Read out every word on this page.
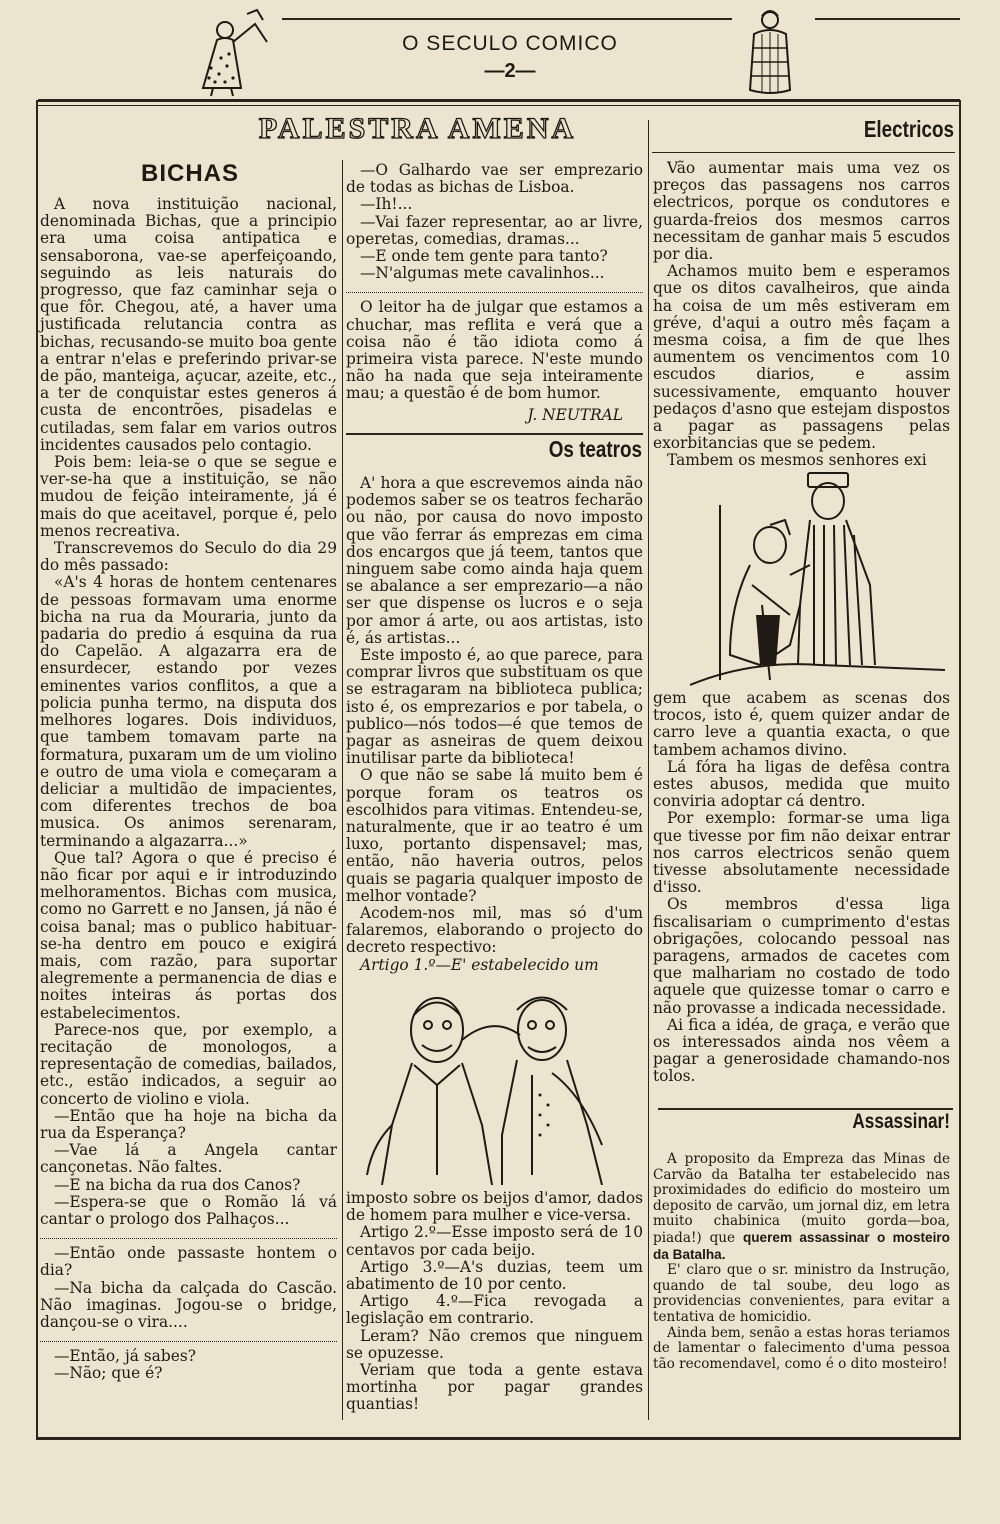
O SECULO COMICO
—2—
PALESTRA AMENA
BICHAS

A nova instituição nacional, denominada Bichas, que a principio era uma coisa antipatica e sensaborona, vae-se aperfeiçoando, seguindo as leis naturais do progresso, que faz caminhar seja o que fôr. Chegou, até, a haver uma justificada relutancia contra as bichas, recusando-se muito boa gente a entrar n'elas e preferindo privar-se de pão, manteiga, açucar, azeite, etc., a ter de conquistar estes generos á custa de encontrões, pisadelas e cutiladas, sem falar em varios outros incidentes causados pelo contagio.

Pois bem: leia-se o que se segue e ver-se-ha que a instituição, se não mudou de feição inteiramente, já é mais do que aceitavel, porque é, pelo menos recreativa.

Transcrevemos do Seculo do dia 29 do mês passado:

«A's 4 horas de hontem centenares de pessoas formavam uma enorme bicha na rua da Mouraria, junto da padaria do predio á esquina da rua do Capelão. A algazarra era de ensurdecer, estando por vezes eminentes varios conflitos, a que a policia punha termo, na disputa dos melhores logares. Dois individuos, que tambem tomavam parte na formatura, puxaram um de um violino e outro de uma viola e começaram a deliciar a multidão de impacientes, com diferentes trechos de boa musica. Os animos serenaram, terminando a algazarra...»

Que tal? Agora o que é preciso é não ficar por aqui e ir introduzindo melhoramentos. Bichas com musica, como no Garrett e no Jansen, já não é coisa banal; mas o publico habituar-se-ha dentro em pouco e exigirá mais, com razão, para suportar alegremente a permanencia de dias e noites inteiras ás portas dos estabelecimentos.

Parece-nos que, por exemplo, a recitação de monologos, a representação de comedias, bailados, etc., estão indicados, a seguir ao concerto de violino e viola.

—Então que ha hoje na bicha da rua da Esperança?

—Vae lá a Angela cantar cançonetas. Não faltes.

—E na bicha da rua dos Canos?

—Espera-se que o Romão lá vá cantar o prologo dos Palhaços...

—Então onde passaste hontem o dia?

—Na bicha da calçada do Cascão. Não imaginas. Jogou-se o bridge, dançou-se o vira....

—Então, já sabes?

—Não; que é?

—O Galhardo vae ser emprezario de todas as bichas de Lisboa.

—Ih!...

—Vai fazer representar, ao ar livre, operetas, comedias, dramas...

—E onde tem gente para tanto?

—N'algumas mete cavalinhos...

O leitor ha de julgar que estamos a chuchar, mas reflita e verá que a coisa não é tão idiota como á primeira vista parece. N'este mundo não ha nada que seja inteiramente mau; a questão é de bom humor.

J. NEUTRAL
Os teatros

A' hora a que escrevemos ainda não podemos saber se os teatros fecharão ou não, por causa do novo imposto que vão ferrar ás emprezas em cima dos encargos que já teem, tantos que ninguem sabe como ainda haja quem se abalance a ser emprezario—a não ser que dispense os lucros e o seja por amor á arte, ou aos artistas, isto é, ás artistas...

Este imposto é, ao que parece, para comprar livros que substituam os que se estragaram na biblioteca publica; isto é, os emprezarios e por tabela, o publico—nós todos—é que temos de pagar as asneiras de quem deixou inutilisar parte da biblioteca!

O que não se sabe lá muito bem é porque foram os teatros os escolhidos para vitimas. Entendeu-se, naturalmente, que ir ao teatro é um luxo, portanto dispensavel; mas, então, não haveria outros, pelos quais se pagaria qualquer imposto de melhor vontade?

Acodem-nos mil, mas só d'um falaremos, elaborando o projecto do decreto respectivo:

Artigo 1.º—E' estabelecido um

imposto sobre os beijos d'amor, dados de homem para mulher e vice-versa.

Artigo 2.º—Esse imposto será de 10 centavos por cada beijo.

Artigo 3.º—A's duzias, teem um abatimento de 10 por cento.

Artigo 4.º—Fica revogada a legislação em contrario.

Leram? Não cremos que ninguem se opuzesse.

Veriam que toda a gente estava mortinha por pagar grandes quantias!

Electricos

Vão aumentar mais uma vez os preços das passagens nos carros electricos, porque os condutores e guarda-freios dos mesmos carros necessitam de ganhar mais 5 escudos por dia.

Achamos muito bem e esperamos que os ditos cavalheiros, que ainda ha coisa de um mês estiveram em gréve, d'aqui a outro mês façam a mesma coisa, a fim de que lhes aumentem os vencimentos com 10 escudos diarios, e assim sucessivamente, emquanto houver pedaços d'asno que estejam dispostos a pagar as passagens pelas exorbitancias que se pedem.

Tambem os mesmos senhores exi

gem que acabem as scenas dos trocos, isto é, quem quizer andar de carro leve a quantia exacta, o que tambem achamos divino.

Lá fóra ha ligas de defêsa contra estes abusos, medida que muito conviria adoptar cá dentro.

Por exemplo: formar-se uma liga que tivesse por fim não deixar entrar nos carros electricos senão quem tivesse absolutamente necessidade d'isso.

Os membros d'essa liga fiscalisariam o cumprimento d'estas obrigações, colocando pessoal nas paragens, armados de cacetes com que malhariam no costado de todo aquele que quizesse tomar o carro e não provasse a indicada necessidade.

Ai fica a idéa, de graça, e verão que os interessados ainda nos vêem a pagar a generosidade chamando-nos tolos.

Assassinar!

A proposito da Empreza das Minas de Carvão da Batalha ter estabelecido nas proximidades do edificio do mosteiro um deposito de carvão, um jornal diz, em letra muito chabinica (muito gorda—boa, piada!) que querem assassinar o mosteiro da Batalha.

E' claro que o sr. ministro da Instrução, quando de tal soube, deu logo as providencias convenientes, para evitar a tentativa de homicidio.

Ainda bem, senão a estas horas teriamos de lamentar o falecimento d'uma pessoa tão recomendavel, como é o dito mosteiro!
